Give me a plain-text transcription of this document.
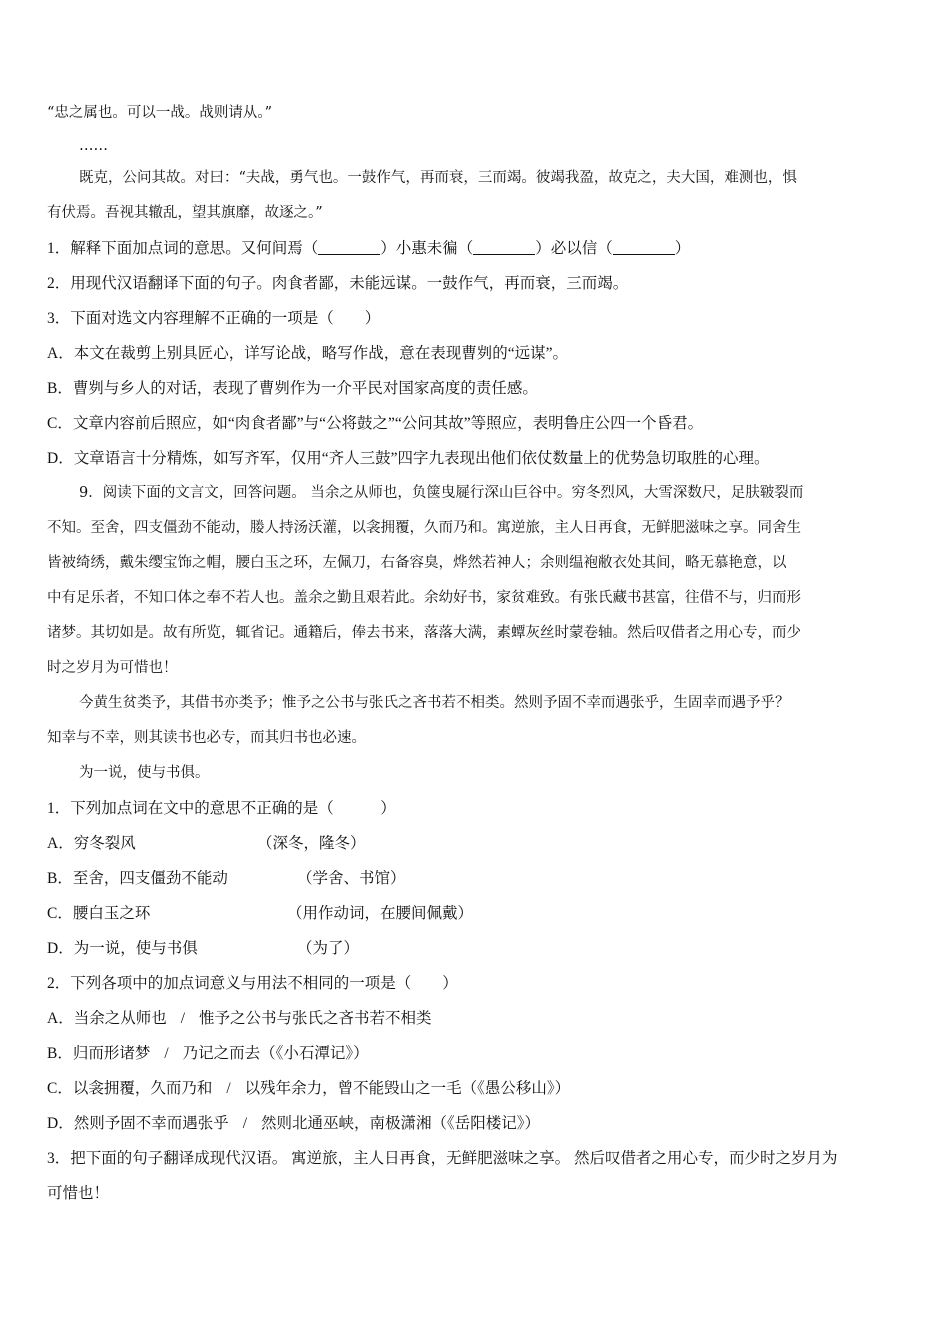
“忠之属也。可以一战。战则请从。”
……
既克，公问其故。对曰：“夫战，勇气也。一鼓作气，再而衰，三而竭。彼竭我盈，故克之，夫大国，难测也，惧
有伏焉。吾视其辙乱，望其旗靡，故逐之。”
1．解释下面加点词的意思。又何间焉（	）小惠未徧（	）必以信（	）
2．用现代汉语翻译下面的句子。肉食者鄙，未能远谋。一鼓作气，再而衰，三而竭。
3．下面对选文内容理解不正确的一项是（　　）
A．本文在裁剪上别具匠心，详写论战，略写作战，意在表现曹刿的“远谋”。
B．曹刿与乡人的对话，表现了曹刿作为一介平民对国家高度的责任感。
C．文章内容前后照应，如“肉食者鄙”与“公将鼓之”“公问其故”等照应，表明鲁庄公四一个昏君。
D．文章语言十分精炼，如写齐军，仅用“齐人三鼓”四字九表现出他们依仗数量上的优势急切取胜的心理。
9．阅读下面的文言文，回答问题。 当余之从师也，负箧曳屣行深山巨谷中。穷冬烈风，大雪深数尺，足肤皲裂而
不知。至舍，四支僵劲不能动，媵人持汤沃灌，以衾拥覆，久而乃和。寓逆旅，主人日再食，无鲜肥滋味之享。同舍生
皆被绮绣，戴朱缨宝饰之帽，腰白玉之环，左佩刀，右备容臭，烨然若神人；余则缊袍敝衣处其间，略无慕艳意，以
中有足乐者，不知口体之奉不若人也。盖余之勤且艰若此。余幼好书，家贫难致。有张氏藏书甚富，往借不与，归而形
诸梦。其切如是。故有所览，辄省记。通籍后，俸去书来，落落大满，素蟫灰丝时蒙卷轴。然后叹借者之用心专，而少
时之岁月为可惜也！
今黄生贫类予，其借书亦类予；惟予之公书与张氏之吝书若不相类。然则予固不幸而遇张乎，生固幸而遇予乎？
知幸与不幸，则其读书也必专，而其归书也必速。
为一说，使与书俱。
1．下列加点词在文中的意思不正确的是（　　　）
A．穷冬裂风	（深冬，隆冬）
B．至舍，四支僵劲不能动	（学舍、书馆）
C．腰白玉之环	（用作动词，在腰间佩戴）
D．为一说，使与书俱	（为了）
2．下列各项中的加点词意义与用法不相同的一项是（　　）
A．当余之从师也 / 惟予之公书与张氏之吝书若不相类
B．归而形诸梦 / 乃记之而去（《小石潭记》）
C．以衾拥覆，久而乃和 / 以残年余力，曾不能毁山之一毛（《愚公移山》）
D．然则予固不幸而遇张乎 / 然则北通巫峡，南极潇湘（《岳阳楼记》）
3．把下面的句子翻译成现代汉语。 寓逆旅，主人日再食，无鲜肥滋味之享。 然后叹借者之用心专，而少时之岁月为
可惜也！
